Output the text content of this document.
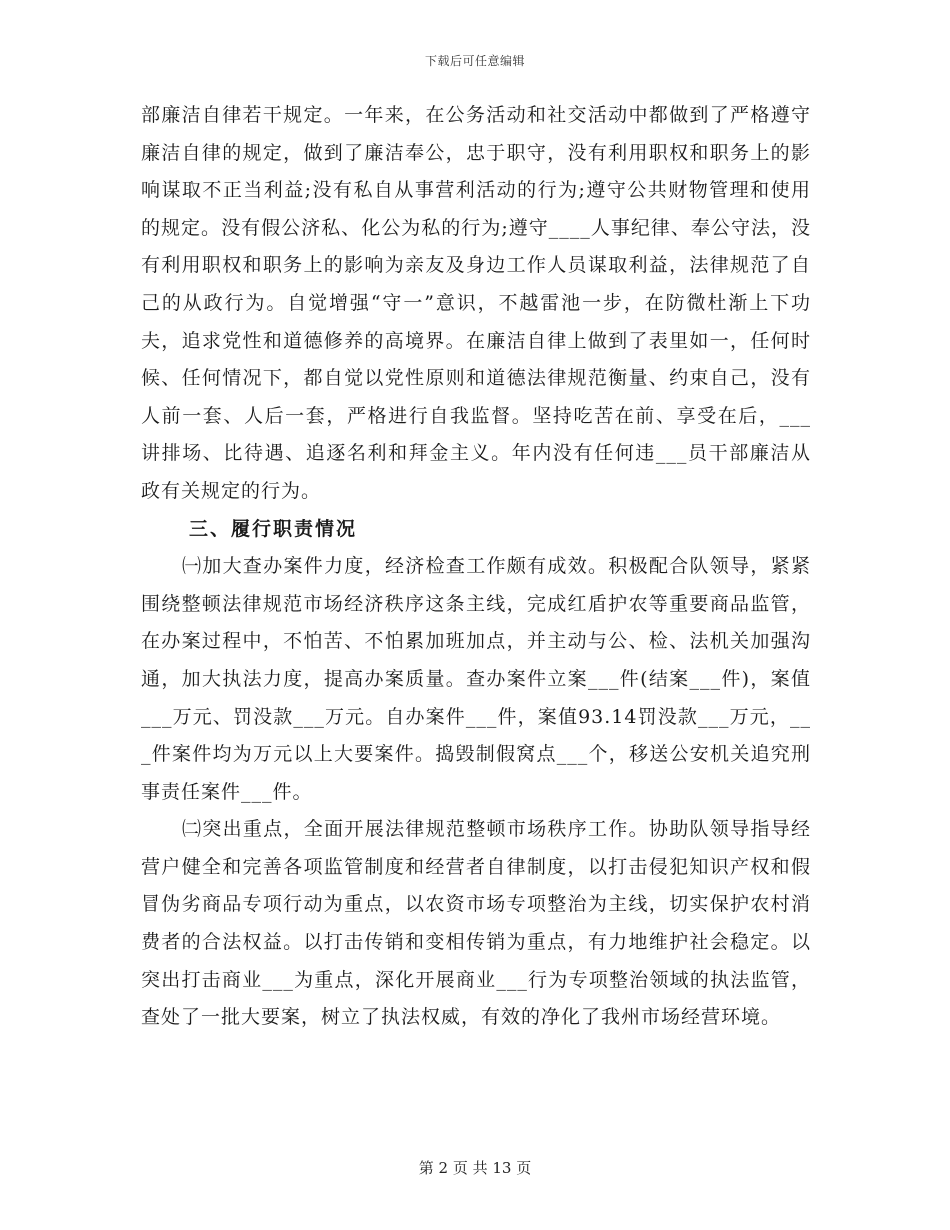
下载后可任意编辑

部廉洁自律若干规定。一年来，在公务活动和社交活动中都做到了严格遵守廉洁自律的规定，做到了廉洁奉公，忠于职守，没有利用职权和职务上的影响谋取不正当利益;没有私自从事营利活动的行为;遵守公共财物管理和使用的规定。没有假公济私、化公为私的行为;遵守____人事纪律、奉公守法，没有利用职权和职务上的影响为亲友及身边工作人员谋取利益，法律规范了自己的从政行为。自觉增强“守一”意识，不越雷池一步，在防微杜渐上下功夫，追求党性和道德修养的高境界。在廉洁自律上做到了表里如一，任何时候、任何情况下，都自觉以党性原则和道德法律规范衡量、约束自己，没有人前一套、人后一套，严格进行自我监督。坚持吃苦在前、享受在后，___讲排场、比待遇、追逐名利和拜金主义。年内没有任何违___员干部廉洁从政有关规定的行为。

三、履行职责情况

㈠加大查办案件力度，经济检查工作颇有成效。积极配合队领导，紧紧围绕整顿法律规范市场经济秩序这条主线，完成红盾护农等重要商品监管，在办案过程中，不怕苦、不怕累加班加点，并主动与公、检、法机关加强沟通，加大执法力度，提高办案质量。查办案件立案___件(结案___件)，案值___万元、罚没款___万元。自办案件___件，案值93.14罚没款___万元，___件案件均为万元以上大要案件。捣毁制假窝点___个，移送公安机关追究刑事责任案件___件。

㈡突出重点，全面开展法律规范整顿市场秩序工作。协助队领导指导经营户健全和完善各项监管制度和经营者自律制度，以打击侵犯知识产权和假冒伪劣商品专项行动为重点，以农资市场专项整治为主线，切实保护农村消费者的合法权益。以打击传销和变相传销为重点，有力地维护社会稳定。以突出打击商业___为重点，深化开展商业___行为专项整治领域的执法监管，查处了一批大要案，树立了执法权威，有效的净化了我州市场经营环境。

第 2 页 共 13 页
